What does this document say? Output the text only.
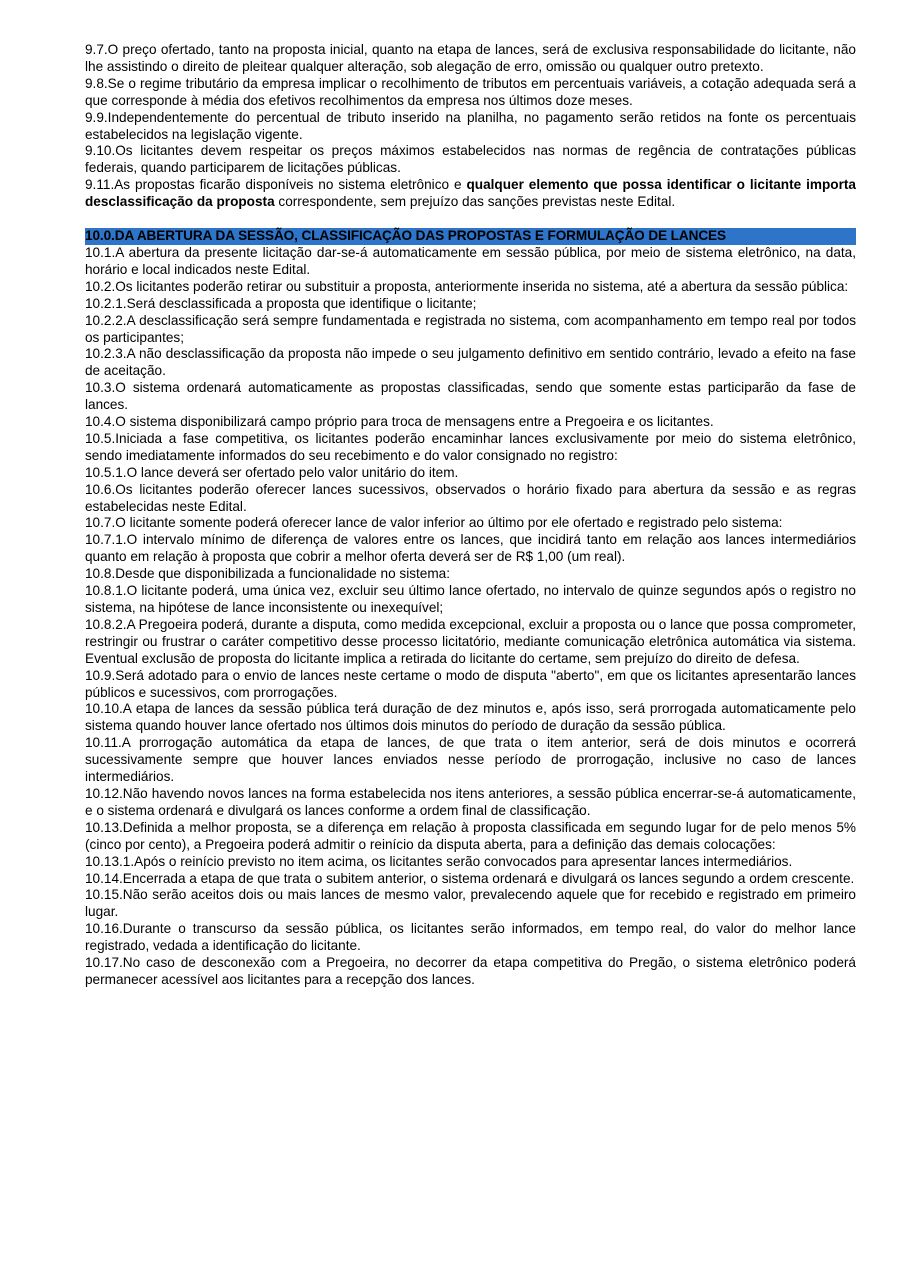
9.7.O preço ofertado, tanto na proposta inicial, quanto na etapa de lances, será de exclusiva responsabilidade do licitante, não lhe assistindo o direito de pleitear qualquer alteração, sob alegação de erro, omissão ou qualquer outro pretexto.

9.8.Se o regime tributário da empresa implicar o recolhimento de tributos em percentuais variáveis, a cotação adequada será a que corresponde à média dos efetivos recolhimentos da empresa nos últimos doze meses.

9.9.Independentemente do percentual de tributo inserido na planilha, no pagamento serão retidos na fonte os percentuais estabelecidos na legislação vigente.

9.10.Os licitantes devem respeitar os preços máximos estabelecidos nas normas de regência de contratações públicas federais, quando participarem de licitações públicas.

9.11.As propostas ficarão disponíveis no sistema eletrônico e qualquer elemento que possa identificar o licitante importa desclassificação da proposta correspondente, sem prejuízo das sanções previstas neste Edital.

10.0.DA ABERTURA DA SESSÃO, CLASSIFICAÇÃO DAS PROPOSTAS E FORMULAÇÃO DE LANCES

10.1.A abertura da presente licitação dar-se-á automaticamente em sessão pública, por meio de sistema eletrônico, na data, horário e local indicados neste Edital.

10.2.Os licitantes poderão retirar ou substituir a proposta, anteriormente inserida no sistema, até a abertura da sessão pública:

10.2.1.Será desclassificada a proposta que identifique o licitante;

10.2.2.A desclassificação será sempre fundamentada e registrada no sistema, com acompanhamento em tempo real por todos os participantes;

10.2.3.A não desclassificação da proposta não impede o seu julgamento definitivo em sentido contrário, levado a efeito na fase de aceitação.

10.3.O sistema ordenará automaticamente as propostas classificadas, sendo que somente estas participarão da fase de lances.

10.4.O sistema disponibilizará campo próprio para troca de mensagens entre a Pregoeira e os licitantes.

10.5.Iniciada a fase competitiva, os licitantes poderão encaminhar lances exclusivamente por meio do sistema eletrônico, sendo imediatamente informados do seu recebimento e do valor consignado no registro:

10.5.1.O lance deverá ser ofertado pelo valor unitário do item.

10.6.Os licitantes poderão oferecer lances sucessivos, observados o horário fixado para abertura da sessão e as regras estabelecidas neste Edital.

10.7.O licitante somente poderá oferecer lance de valor inferior ao último por ele ofertado e registrado pelo sistema:

10.7.1.O intervalo mínimo de diferença de valores entre os lances, que incidirá tanto em relação aos lances intermediários quanto em relação à proposta que cobrir a melhor oferta deverá ser de R$ 1,00 (um real).

10.8.Desde que disponibilizada a funcionalidade no sistema:

10.8.1.O licitante poderá, uma única vez, excluir seu último lance ofertado, no intervalo de quinze segundos após o registro no sistema, na hipótese de lance inconsistente ou inexequível;

10.8.2.A Pregoeira poderá, durante a disputa, como medida excepcional, excluir a proposta ou o lance que possa comprometer, restringir ou frustrar o caráter competitivo desse processo licitatório, mediante comunicação eletrônica automática via sistema. Eventual exclusão de proposta do licitante implica a retirada do licitante do certame, sem prejuízo do direito de defesa.

10.9.Será adotado para o envio de lances neste certame o modo de disputa "aberto", em que os licitantes apresentarão lances públicos e sucessivos, com prorrogações.

10.10.A etapa de lances da sessão pública terá duração de dez minutos e, após isso, será prorrogada automaticamente pelo sistema quando houver lance ofertado nos últimos dois minutos do período de duração da sessão pública.

10.11.A prorrogação automática da etapa de lances, de que trata o item anterior, será de dois minutos e ocorrerá sucessivamente sempre que houver lances enviados nesse período de prorrogação, inclusive no caso de lances intermediários.

10.12.Não havendo novos lances na forma estabelecida nos itens anteriores, a sessão pública encerrar-se-á automaticamente, e o sistema ordenará e divulgará os lances conforme a ordem final de classificação.

10.13.Definida a melhor proposta, se a diferença em relação à proposta classificada em segundo lugar for de pelo menos 5% (cinco por cento), a Pregoeira poderá admitir o reinício da disputa aberta, para a definição das demais colocações:

10.13.1.Após o reinício previsto no item acima, os licitantes serão convocados para apresentar lances intermediários.

10.14.Encerrada a etapa de que trata o subitem anterior, o sistema ordenará e divulgará os lances segundo a ordem crescente.

10.15.Não serão aceitos dois ou mais lances de mesmo valor, prevalecendo aquele que for recebido e registrado em primeiro lugar.

10.16.Durante o transcurso da sessão pública, os licitantes serão informados, em tempo real, do valor do melhor lance registrado, vedada a identificação do licitante.

10.17.No caso de desconexão com a Pregoeira, no decorrer da etapa competitiva do Pregão, o sistema eletrônico poderá permanecer acessível aos licitantes para a recepção dos lances.
